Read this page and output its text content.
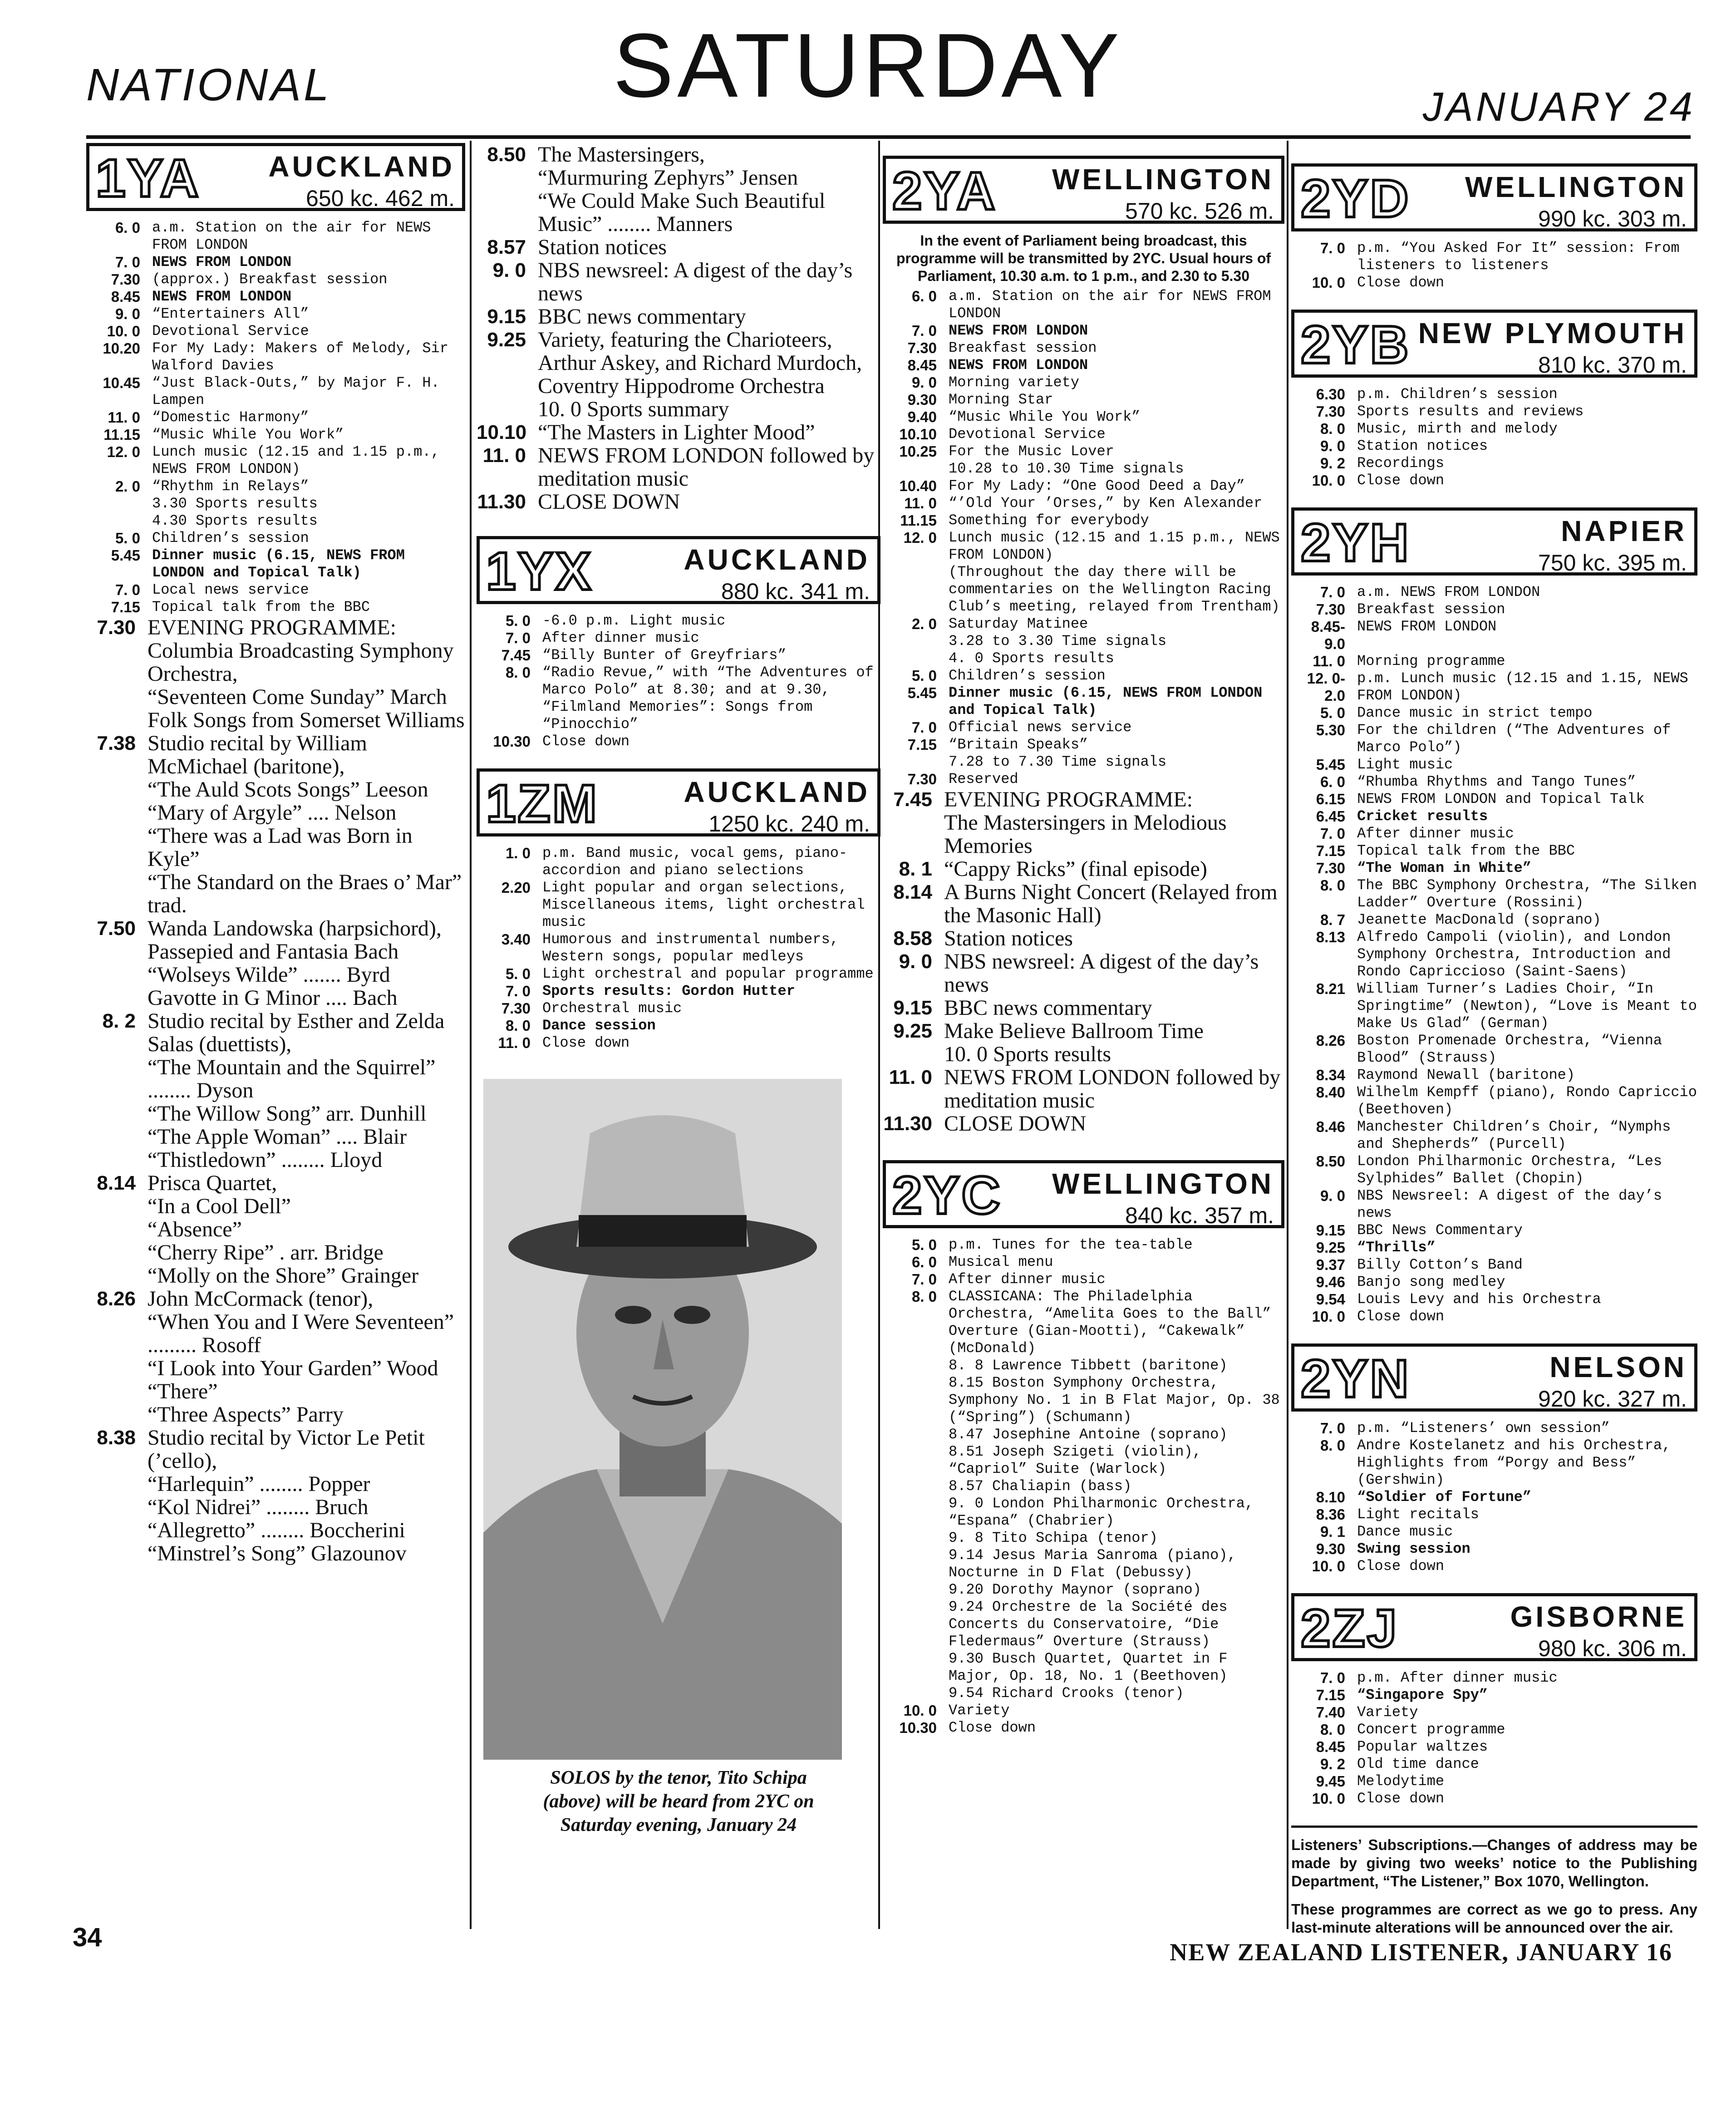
NATIONAL	SATURDAY	JANUARY 24
1YA AUCKLAND
650 kc. 462 m.
6. 0 a.m. Station on the air for NEWS FROM LONDON
7. 0 NEWS FROM LONDON
7.30 (approx.) Breakfast session
8.45 NEWS FROM LONDON
9. 0 “Entertainers All”
10. 0 Devotional Service
10.20 For My Lady: Makers of Melody, Sir Walford Davies
10.45 “Just Black-Outs,” by Major F. H. Lampen
11. 0 “Domestic Harmony”
11.15 “Music While You Work”
12. 0 Lunch music (12.15 and 1.15 p.m., NEWS FROM LONDON)
2. 0 “Rhythm in Relays”
3.30 Sports results
4.30 Sports results
5. 0 Children’s session
5.45 Dinner music (6.15, NEWS FROM LONDON and Topical Talk)
7. 0 Local news service
7.15 Topical talk from the BBC
7.30 EVENING PROGRAMME:
Columbia Broadcasting Symphony Orchestra,
“Seventeen Come Sunday” March
Folk Songs from Somerset Williams
7.38 Studio recital by William McMichael (baritone),
“The Auld Scots Songs” Leeson
“Mary of Argyle” .... Nelson
“There was a Lad was Born in Kyle”
“The Standard on the Braes o’ Mar” trad.
7.50 Wanda Landowska (harpsichord),
Passepied and Fantasia Bach
“Wolseys Wilde” ....... Byrd
Gavotte in G Minor .... Bach
8. 2 Studio recital by Esther and Zelda Salas (duettists),
“The Mountain and the Squirrel” ........ Dyson
“The Willow Song” arr. Dunhill
“The Apple Woman” .... Blair
“Thistledown” ........ Lloyd
8.14 Prisca Quartet,
“In a Cool Dell”
“Absence”
“Cherry Ripe” . arr. Bridge
“Molly on the Shore” Grainger
8.26 John McCormack (tenor),
“When You and I Were Seventeen” ......... Rosoff
“I Look into Your Garden” Wood
“There”
“Three Aspects” Parry
8.38 Studio recital by Victor Le Petit (’cello),
“Harlequin” ........ Popper
“Kol Nidrei” ........ Bruch
“Allegretto” ........ Boccherini
“Minstrel’s Song” Glazounov
8.50 The Mastersingers,
“Murmuring Zephyrs” Jensen
“We Could Make Such Beautiful Music” ........ Manners
8.57 Station notices
9. 0 NBS newsreel: A digest of the day’s news
9.15 BBC news commentary
9.25 Variety, featuring the Charioteers, Arthur Askey, and Richard Murdoch, Coventry Hippodrome Orchestra
10. 0 Sports summary
10.10 “The Masters in Lighter Mood”
11. 0 NEWS FROM LONDON followed by meditation music
11.30 CLOSE DOWN
1YX	AUCKLAND
880 kc. 341 m.
5. 0 -6.0 p.m. Light music
7. 0 After dinner music
7.45 “Billy Bunter of Greyfriars”
8. 0 “Radio Revue,” with “The Adventures of Marco Polo” at 8.30; and at 9.30, “Filmland Memories”: Songs from “Pinocchio”
10.30 Close down
1ZM	AUCKLAND
1250 kc. 240 m.
1. 0 p.m. Band music, vocal gems, piano-accordion and piano selections
2.20 Light popular and organ selections, Miscellaneous items, light orchestral music
3.40 Humorous and instrumental numbers, Western songs, popular medleys
5. 0 Light orchestral and popular programme
7. 0 Sports results: Gordon Hutter
7.30 Orchestral music
8. 0 Dance session
11. 0 Close down
SOLOS by the tenor, Tito Schipa
(above) will be heard from 2YC on
Saturday evening, January 24
2YA WELLINGTON
570 kc. 526 m.
In the event of Parliament being broadcast, this programme will be transmitted by 2YC. Usual hours of Parliament, 10.30 a.m. to 1 p.m., and 2.30 to 5.30
6. 0 a.m. Station on the air for NEWS FROM LONDON
7. 0 NEWS FROM LONDON
7.30 Breakfast session
8.45 NEWS FROM LONDON
9. 0 Morning variety
9.30 Morning Star
9.40 “Music While You Work”
10.10 Devotional Service
10.25 For the Music Lover
10.28 to 10.30 Time signals
10.40 For My Lady: “One Good Deed a Day”
11. 0 “’Old Your ’Orses,” by Ken Alexander
11.15 Something for everybody
12. 0 Lunch music (12.15 and 1.15 p.m., NEWS FROM LONDON)
(Throughout the day there will be commentaries on the Wellington Racing Club’s meeting, relayed from Trentham)
2. 0 Saturday Matinee
3.28 to 3.30 Time signals
4. 0 Sports results
5. 0 Children’s session
5.45 Dinner music (6.15, NEWS FROM LONDON and Topical Talk)
7. 0 Official news service
7.15 “Britain Speaks”
7.28 to 7.30 Time signals
7.30 Reserved
7.45 EVENING PROGRAMME:
The Mastersingers in Melodious Memories
8. 1 “Cappy Ricks” (final episode)
8.14 A Burns Night Concert (Relayed from the Masonic Hall)
8.58 Station notices
9. 0 NBS newsreel: A digest of the day’s news
9.15 BBC news commentary
9.25 Make Believe Ballroom Time
10. 0 Sports results
11. 0 NEWS FROM LONDON followed by meditation music
11.30 CLOSE DOWN
2YC WELLINGTON
840 kc. 357 m.
5. 0 p.m. Tunes for the tea-table
6. 0 Musical menu
7. 0 After dinner music
8. 0 CLASSICANA: The Philadelphia Orchestra, “Amelita Goes to the Ball” Overture (Gian-Mootti), “Cakewalk” (McDonald)
8. 8 Lawrence Tibbett (baritone)
8.15 Boston Symphony Orchestra, Symphony No. 1 in B Flat Major, Op. 38 (“Spring”) (Schumann)
8.47 Josephine Antoine (soprano)
8.51 Joseph Szigeti (violin), “Capriol” Suite (Warlock)
8.57 Chaliapin (bass)
9. 0 London Philharmonic Orchestra, “Espana” (Chabrier)
9. 8 Tito Schipa (tenor)
9.14 Jesus Maria Sanroma (piano), Nocturne in D Flat (Debussy)
9.20 Dorothy Maynor (soprano)
9.24 Orchestre de la Société des Concerts du Conservatoire, “Die Fledermaus” Overture (Strauss)
9.30 Busch Quartet, Quartet in F Major, Op. 18, No. 1 (Beethoven)
9.54 Richard Crooks (tenor)
10. 0 Variety
10.30 Close down
2YD WELLINGTON
990 kc. 303 m.
7. 0 p.m. “You Asked For It” session: From listeners to listeners
10. 0 Close down
2YB NEW PLYMOUTH
810 kc. 370 m.
6.30 p.m. Children’s session
7.30 Sports results and reviews
8. 0 Music, mirth and melody
9. 0 Station notices
9. 2 Recordings
10. 0 Close down
2YH	NAPIER
750 kc. 395 m.
7. 0 a.m. NEWS FROM LONDON
7.30 Breakfast session
8.45-9.0
NEWS FROM LONDON
11. 0 Morning programme
12. 0-2.0
p.m. Lunch music (12.15 and 1.15, NEWS FROM LONDON)
5. 0 Dance music in strict tempo
5.30 For the children (“The Adventures of Marco Polo”)
5.45 Light music
6. 0 “Rhumba Rhythms and Tango Tunes”
6.15 NEWS FROM LONDON and Topical Talk
6.45 Cricket results
7. 0 After dinner music
7.15 Topical talk from the BBC
7.30 “The Woman in White”
8. 0 The BBC Symphony Orchestra, “The Silken Ladder” Overture (Rossini)
8. 7 Jeanette MacDonald (soprano)
8.13 Alfredo Campoli (violin), and London Symphony Orchestra, Introduction and Rondo Capriccioso (Saint-Saens)
8.21 William Turner’s Ladies Choir, “In Springtime” (Newton), “Love is Meant to Make Us Glad” (German)
8.26 Boston Promenade Orchestra, “Vienna Blood” (Strauss)
8.34 Raymond Newall (baritone)
8.40 Wilhelm Kempff (piano), Rondo Capriccio (Beethoven)
8.46 Manchester Children’s Choir, “Nymphs and Shepherds” (Purcell)
8.50 London Philharmonic Orchestra, “Les Sylphides” Ballet (Chopin)
9. 0 NBS Newsreel: A digest of the day’s news
9.15 BBC News Commentary
9.25 “Thrills”
9.37 Billy Cotton’s Band
9.46 Banjo song medley
9.54 Louis Levy and his Orchestra
10. 0 Close down
2YN	NELSON
920 kc. 327 m.
7. 0 p.m. “Listeners’ own session”
8. 0 Andre Kostelanetz and his Orchestra, Highlights from “Porgy and Bess” (Gershwin)
8.10 “Soldier of Fortune”
8.36 Light recitals
9. 1 Dance music
9.30 Swing session
10. 0 Close down
2ZJ	GISBORNE
980 kc. 306 m.
7. 0 p.m. After dinner music
7.15 “Singapore Spy”
7.40 Variety
8. 0 Concert programme
8.45 Popular waltzes
9. 2 Old time dance
9.45 Melodytime
10. 0 Close down

Listeners’ Subscriptions.—Changes of address may be made by giving two weeks’ notice to the Publishing Department, “The Listener,” Box 1070, Wellington.

These programmes are correct as we go to press. Any last-minute alterations will be announced over the air.

34	NEW ZEALAND LISTENER, JANUARY 16
